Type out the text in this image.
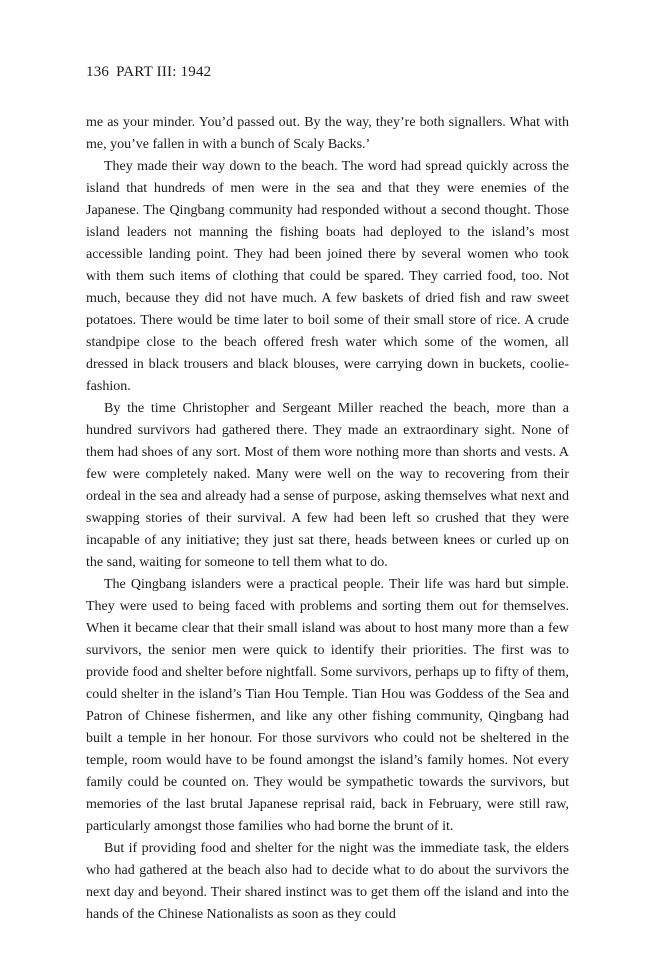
136 PART III: 1942

me as your minder. You’d passed out. By the way, they’re both signallers. What with me, you’ve fallen in with a bunch of Scaly Backs.’

They made their way down to the beach. The word had spread quickly across the island that hundreds of men were in the sea and that they were enemies of the Japanese. The Qingbang community had responded without a second thought. Those island leaders not manning the fishing boats had deployed to the island’s most accessible landing point. They had been joined there by several women who took with them such items of clothing that could be spared. They carried food, too. Not much, because they did not have much. A few baskets of dried fish and raw sweet potatoes. There would be time later to boil some of their small store of rice. A crude standpipe close to the beach offered fresh water which some of the women, all dressed in black trousers and black blouses, were carrying down in buckets, coolie-fashion.

By the time Christopher and Sergeant Miller reached the beach, more than a hundred survivors had gathered there. They made an extraordinary sight. None of them had shoes of any sort. Most of them wore nothing more than shorts and vests. A few were completely naked. Many were well on the way to recovering from their ordeal in the sea and already had a sense of purpose, asking themselves what next and swapping stories of their survival. A few had been left so crushed that they were incapable of any initiative; they just sat there, heads between knees or curled up on the sand, waiting for someone to tell them what to do.

The Qingbang islanders were a practical people. Their life was hard but simple. They were used to being faced with problems and sorting them out for themselves. When it became clear that their small island was about to host many more than a few survivors, the senior men were quick to identify their priorities. The first was to provide food and shelter before nightfall. Some survivors, perhaps up to fifty of them, could shelter in the island’s Tian Hou Temple. Tian Hou was Goddess of the Sea and Patron of Chinese fishermen, and like any other fishing community, Qingbang had built a temple in her honour. For those survivors who could not be sheltered in the temple, room would have to be found amongst the island’s family homes. Not every family could be counted on. They would be sympathetic towards the survivors, but memories of the last brutal Japanese reprisal raid, back in February, were still raw, particularly amongst those families who had borne the brunt of it.

But if providing food and shelter for the night was the immediate task, the elders who had gathered at the beach also had to decide what to do about the survivors the next day and beyond. Their shared instinct was to get them off the island and into the hands of the Chinese Nationalists as soon as they could
